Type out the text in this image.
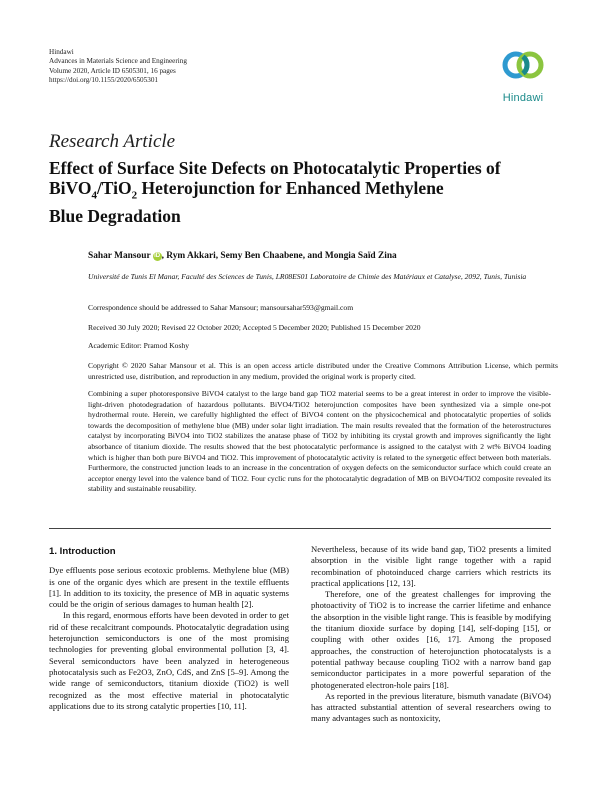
Hindawi
Advances in Materials Science and Engineering
Volume 2020, Article ID 6505301, 16 pages
https://doi.org/10.1155/2020/6505301
Hindawi
Research Article
Effect of Surface Site Defects on Photocatalytic Properties of
BiVO$_4$/TiO$_2$ Heterojunction for Enhanced Methylene
Blue Degradation
Sahar Mansour iD , Rym Akkari, Semy Ben Chaabene, and Mongia Saïd Zina
Université de Tunis El Manar, Faculté des Sciences de Tunis, LR08ES01 Laboratoire de Chimie des Matériaux et Catalyse, 2092, Tunis, Tunisia
Correspondence should be addressed to Sahar Mansour; mansoursahar593@gmail.com
Received 30 July 2020; Revised 22 October 2020; Accepted 5 December 2020; Published 15 December 2020
Academic Editor: Pramod Koshy
Copyright © 2020 Sahar Mansour et al. This is an open access article distributed under the Creative Commons Attribution License, which permits unrestricted use, distribution, and reproduction in any medium, provided the original work is properly cited.
Combining a super photoresponsive BiVO4 catalyst to the large band gap TiO2 material seems to be a great interest in order to improve the visible-light-driven photodegradation of hazardous pollutants. BiVO4/TiO2 heterojunction composites have been synthesized via a simple one-pot hydrothermal route. Herein, we carefully highlighted the effect of BiVO4 content on the physicochemical and photocatalytic properties of solids towards the decomposition of methylene blue (MB) under solar light irradiation. The main results revealed that the formation of the heterostructures catalyst by incorporating BiVO4 into TiO2 stabilizes the anatase phase of TiO2 by inhibiting its crystal growth and improves significantly the light absorbance of titanium dioxide. The results showed that the best photocatalytic performance is assigned to the catalyst with 2 wt% BiVO4 loading which is higher than both pure BiVO4 and TiO2. This improvement of photocatalytic activity is related to the synergetic effect between both materials. Furthermore, the constructed junction leads to an increase in the concentration of oxygen defects on the semiconductor surface which could create an acceptor energy level into the valence band of TiO2. Four cyclic runs for the photocatalytic degradation of MB on BiVO4/TiO2 composite revealed its stability and sustainable reusability.
1. Introduction

Dye effluents pose serious ecotoxic problems. Methylene blue (MB) is one of the organic dyes which are present in the textile effluents [1]. In addition to its toxicity, the presence of MB in aquatic systems could be the origin of serious damages to human health [2].

In this regard, enormous efforts have been devoted in order to get rid of these recalcitrant compounds. Photocatalytic degradation using heterojunction semiconductors is one of the most promising technologies for preventing global environmental pollution [3, 4]. Several semiconductors have been analyzed in heterogeneous photocatalysis such as Fe2O3, ZnO, CdS, and ZnS [5–9]. Among the wide range of semiconductors, titanium dioxide (TiO2) is well recognized as the most effective material in photocatalytic applications due to its strong catalytic properties [10, 11].

Nevertheless, because of its wide band gap, TiO2 presents a limited absorption in the visible light range together with a rapid recombination of photoinduced charge carriers which restricts its practical applications [12, 13].

Therefore, one of the greatest challenges for improving the photoactivity of TiO2 is to increase the carrier lifetime and enhance the absorption in the visible light range. This is feasible by modifying the titanium dioxide surface by doping [14], self-doping [15], or coupling with other oxides [16, 17]. Among the proposed approaches, the construction of heterojunction photocatalysts is a potential pathway because coupling TiO2 with a narrow band gap semiconductor participates in a more powerful separation of the photogenerated electron-hole pairs [18].

As reported in the previous literature, bismuth vanadate (BiVO4) has attracted substantial attention of several researchers owing to many advantages such as nontoxicity,
